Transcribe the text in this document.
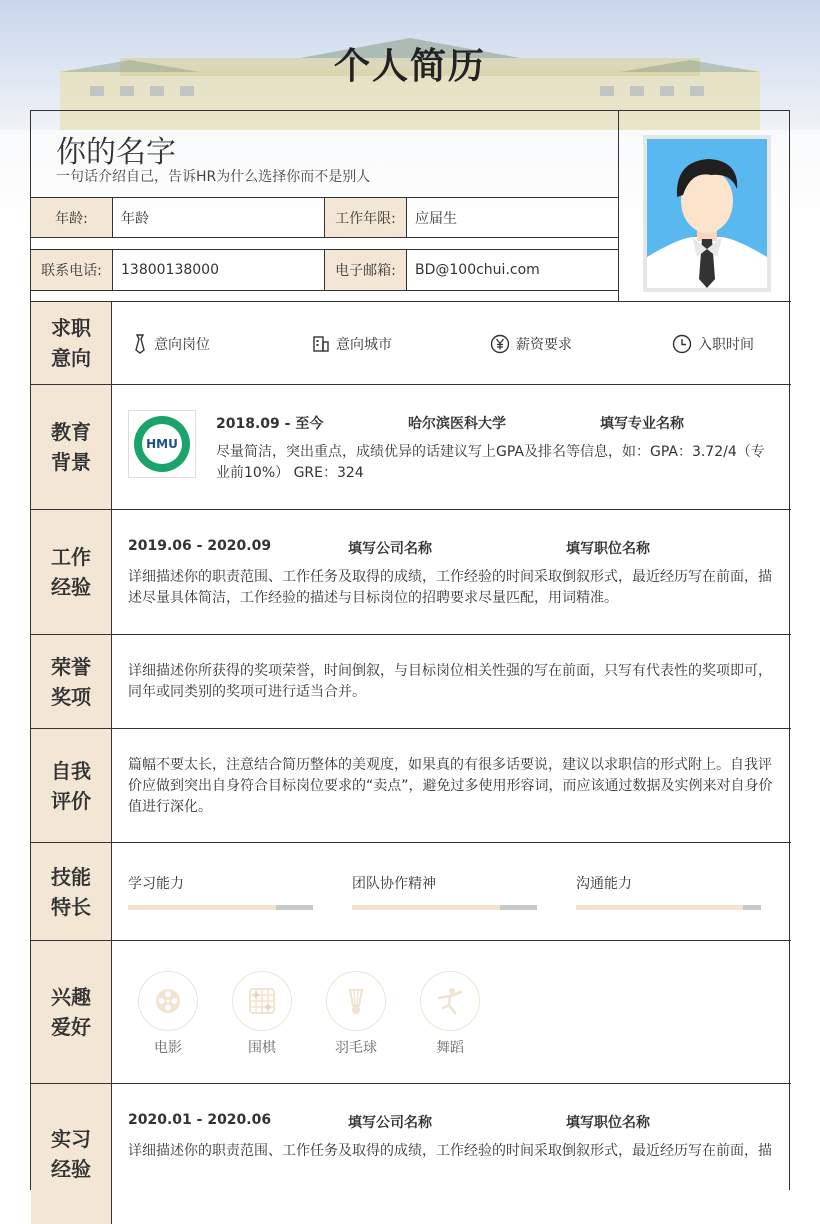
个人简历
你的名字
一句话介绍自己，告诉HR为什么选择你而不是别人
年龄:	年龄	工作年限:	应届生
联系电话:	13800138000	电子邮箱:	BD@100chui.com
求职意向
意向岗位	意向城市	薪资要求	入职时间
教育背景
HMU
2018.09 - 至今	哈尔滨医科大学	填写专业名称
尽量简洁，突出重点，成绩优异的话建议写上GPA及排名等信息，如：GPA：3.72/4（专业前10%） GRE：324
工作经验
2019.06 - 2020.09	填写公司名称	填写职位名称
详细描述你的职责范围、工作任务及取得的成绩，工作经验的时间采取倒叙形式，最近经历写在前面，描述尽量具体简洁，工作经验的描述与目标岗位的招聘要求尽量匹配，用词精准。
荣誉奖项
详细描述你所获得的奖项荣誉，时间倒叙，与目标岗位相关性强的写在前面，只写有代表性的奖项即可，同年或同类别的奖项可进行适当合并。
自我评价
篇幅不要太长，注意结合简历整体的美观度，如果真的有很多话要说，建议以求职信的形式附上。自我评价应做到突出自身符合目标岗位要求的“卖点”，避免过多使用形容词，而应该通过数据及实例来对自身价值进行深化。
技能特长
学习能力	团队协作精神	沟通能力
兴趣爱好
电影	围棋	羽毛球	舞蹈
实习经验
2020.01 - 2020.06	填写公司名称	填写职位名称
详细描述你的职责范围、工作任务及取得的成绩，工作经验的时间采取倒叙形式，最近经历写在前面，描
